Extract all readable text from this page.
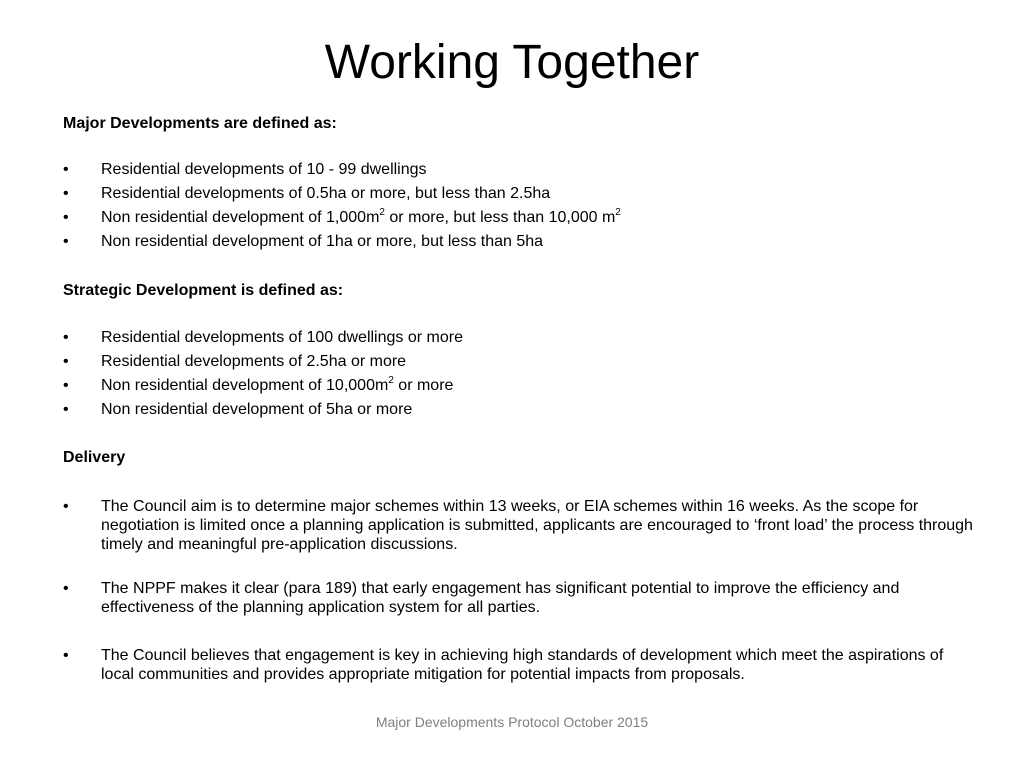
Working Together
Major Developments are defined as:
•	Residential developments of 10 - 99 dwellings
•	Residential developments of 0.5ha or more, but less than 2.5ha
•	Non residential development of $1,000m^2$ or more, but less than 10,000 $m^2$
•	Non residential development of 1ha or more, but less than 5ha
Strategic Development is defined as:
•	Residential developments of 100 dwellings or more
•	Residential developments of 2.5ha or more
•	Non residential development of $10,000m^2$ or more
•	Non residential development of 5ha or more
Delivery
•	The Council aim is to determine major schemes within 13 weeks, or EIA schemes within 16 weeks. As the scope for negotiation is limited once a planning application is submitted, applicants are encouraged to ‘front load’ the process through timely and meaningful pre-application discussions.
•	The NPPF makes it clear (para 189) that early engagement has significant potential to improve the efficiency and effectiveness of the planning application system for all parties.
•	The Council believes that engagement is key in achieving high standards of development which meet the aspirations of local communities and provides appropriate mitigation for potential impacts from proposals.
Major Developments Protocol October 2015
